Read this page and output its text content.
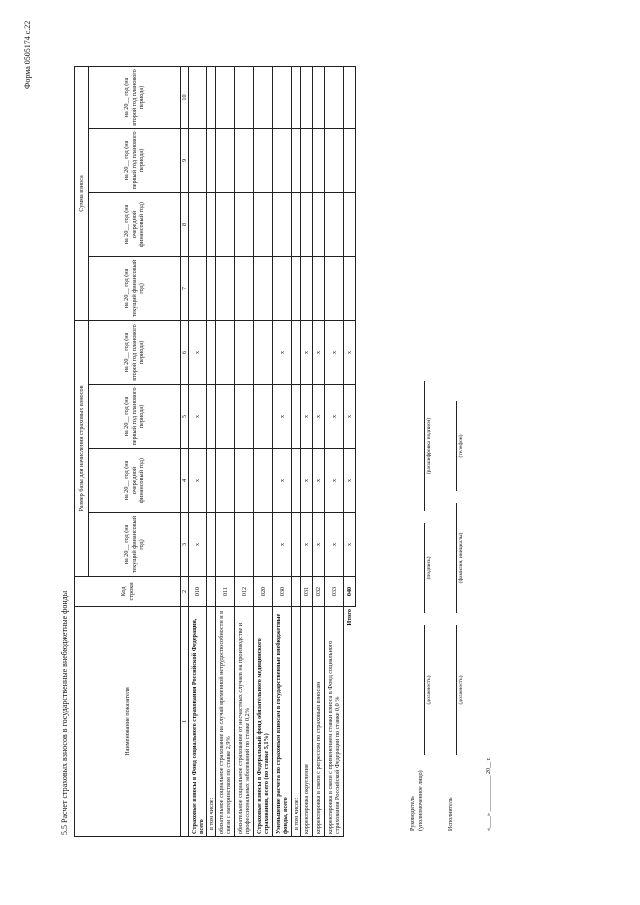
Форма 0505174 с.22
5.5 Расчет страховых взносов в государственные внебюджетные фонды	Наименование показателя	Код строки	Размер базы для начисления страховых взносов				Сумма взноса			
		на 20__ год (на текущий финансовый год)	на 20__ год (на очередной финансовый год)	на 20__ год (на первый год планового периода)	на 20__ год (на второй год планового периода)	на 20__ год (на текущий финансовый год)	на 20__ год (на очередной финансовый год)	на 20__ год (на первый год планового периода)	на 20__ год (на второй год планового периода)
1	2	3	4	5	6	7	8	9	10
Страховые взносы в Фонд социального страхования Российской Федерации, всего	010	x	x	x	x				
в том числе:									
обязательное социальное страхование на случай временной нетрудоспособности и в связи с материнством по ставке 2,9%	011								
обязательное социальное страхование от несчастных случаев на производстве и профессиональных заболеваний по ставке 0,2%	012								
Страховые взносы в Федеральный фонд обязательного медицинского страхования, всего (по ставке 5,1%)	020								
Уменьшение расчета по страховым взносам в государственные внебюджетные фонды, всего	030	x	x	x	x				
в том числе:									
корректировка округления	031	x	x	x	x				
корректировка в связи с регрессом по страховым взносам	032	x	x	x	x				
корректировка в связи с применением ставки взноса в Фонд социального страхования Российской Федерации по ставке 0,0 %	033	x	x	x	x				
Итого	040	x	x	x	x				
Руководитель (уполномоченное лицо)
(должность)
(подпись)
(расшифровка подписи)
Исполнитель
(должность)
(фамилия, инициалы)
(телефон)
«____» ____________ 20__ г.
